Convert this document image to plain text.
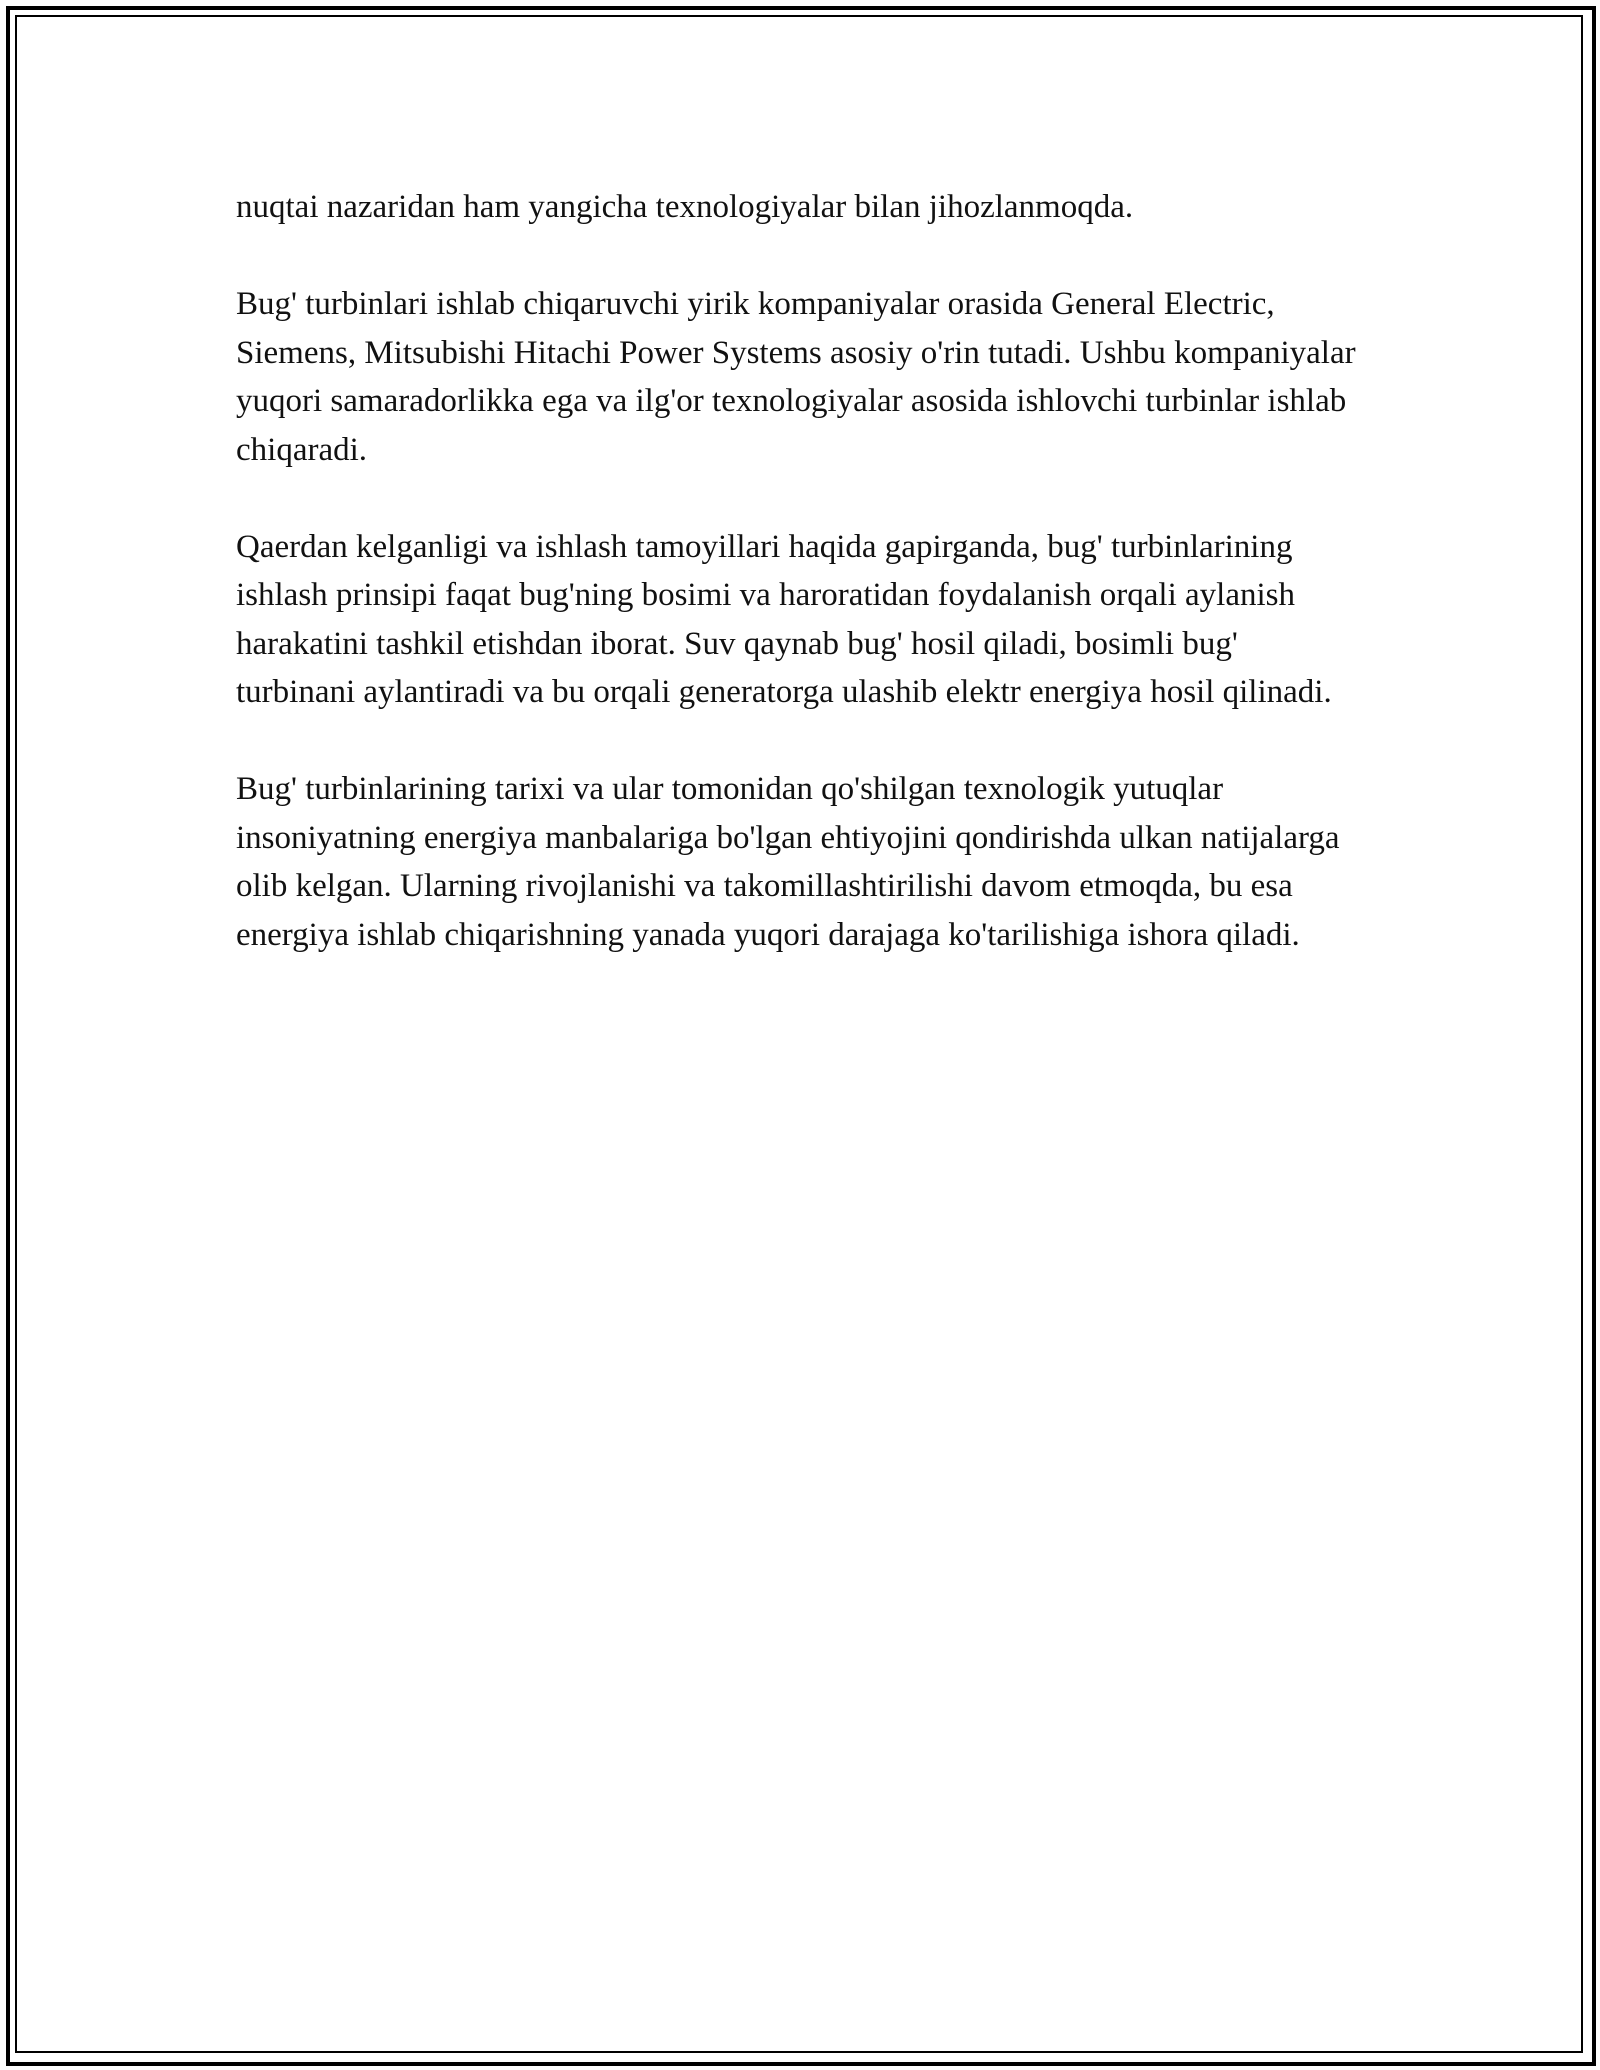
nuqtai nazaridan ham yangicha texnologiyalar bilan jihozlanmoqda.

Bug' turbinlari ishlab chiqaruvchi yirik kompaniyalar orasida General Electric, Siemens, Mitsubishi Hitachi Power Systems asosiy o'rin tutadi. Ushbu kompaniyalar yuqori samaradorlikka ega va ilg'or texnologiyalar asosida ishlovchi turbinlar ishlab chiqaradi.

Qaerdan kelganligi va ishlash tamoyillari haqida gapirganda, bug' turbinlarining ishlash prinsipi faqat bug'ning bosimi va haroratidan foydalanish orqali aylanish harakatini tashkil etishdan iborat. Suv qaynab bug' hosil qiladi, bosimli bug' turbinani aylantiradi va bu orqali generatorga ulashib elektr energiya hosil qilinadi.

Bug' turbinlarining tarixi va ular tomonidan qo'shilgan texnologik yutuqlar insoniyatning energiya manbalariga bo'lgan ehtiyojini qondirishda ulkan natijalarga olib kelgan. Ularning rivojlanishi va takomillashtirilishi davom etmoqda, bu esa energiya ishlab chiqarishning yanada yuqori darajaga ko'tarilishiga ishora qiladi.
